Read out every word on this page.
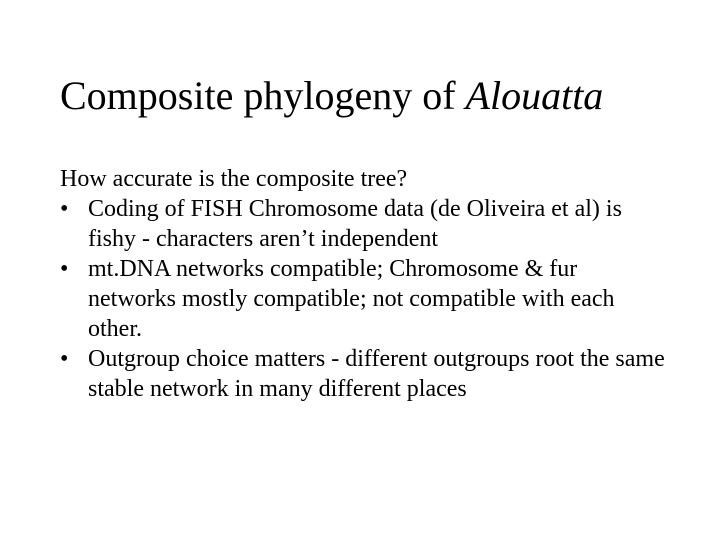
Composite phylogeny of Alouatta

How accurate is the composite tree?

• Coding of FISH Chromosome data (de Oliveira et al) is fishy - characters aren’t independent
• mt.DNA networks compatible; Chromosome & fur networks mostly compatible; not compatible with each other.
• Outgroup choice matters - different outgroups root the same stable network in many different places
